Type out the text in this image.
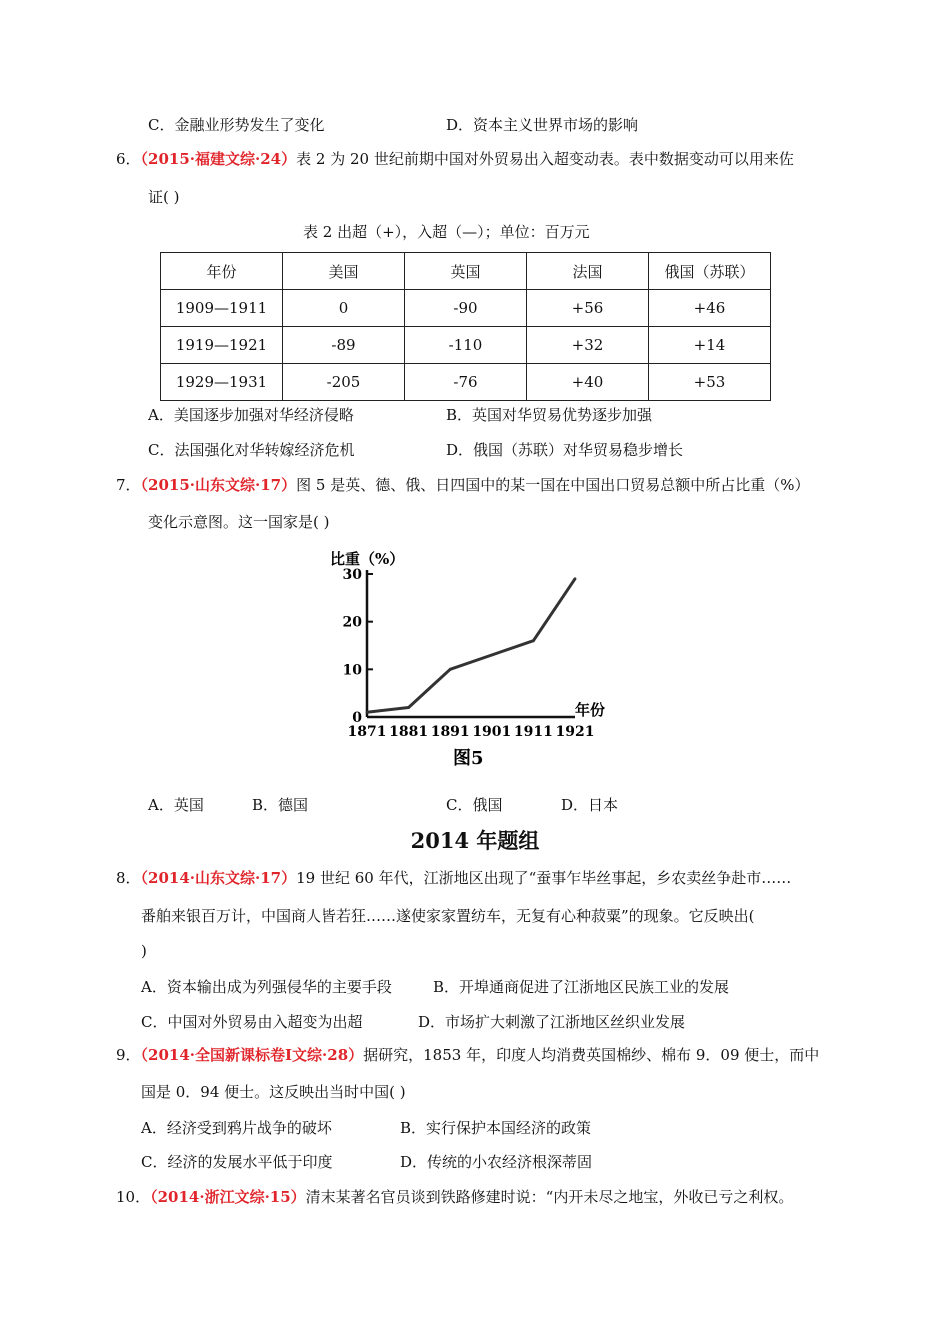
C．金融业形势发生了变化	D．资本主义世界市场的影响
6．（2015·福建文综·24）表 2 为 20 世纪前期中国对外贸易出入超变动表。表中数据变动可以用来佐
证( )
表 2 出超（+），入超（—）；单位：百万元
年份	美国	英国	法国	俄国（苏联）
1909—1911	0	-90	+56	+46
1919—1921	-89	-110	+32	+14
1929—1931	-205	-76	+40	+53
A．美国逐步加强对华经济侵略	B．英国对华贸易优势逐步加强
C．法国强化对华转嫁经济危机	D．俄国（苏联）对华贸易稳步增长
7．（2015·山东文综·17）图 5 是英、德、俄、日四国中的某一国在中国出口贸易总额中所占比重（%）
变化示意图。这一国家是( )
比重（%）
年份
0
10
20
30
1871 1881 1891 1901 1911 1921
图5
A．英国	B．德国	C．俄国	D．日本
2014 年题组
8．（2014·山东文综·17）19 世纪 60 年代，江浙地区出现了“蚕事乍毕丝事起，乡农卖丝争赴市……
番舶来银百万计，中国商人皆若狂……遂使家家置纺车，无复有心种菽粟”的现象。它反映出(
)
A．资本输出成为列强侵华的主要手段	B．开埠通商促进了江浙地区民族工业的发展
C．中国对外贸易由入超变为出超	D．市场扩大刺激了江浙地区丝织业发展
9．（2014·全国新课标卷Ⅰ文综·28）据研究，1853 年，印度人均消费英国棉纱、棉布 9．09 便士，而中
国是 0．94 便士。这反映出当时中国( )
A．经济受到鸦片战争的破坏	B．实行保护本国经济的政策
C．经济的发展水平低于印度	D．传统的小农经济根深蒂固
10．（2014·浙江文综·15）清末某著名官员谈到铁路修建时说：“内开未尽之地宝，外收已亏之利权。
